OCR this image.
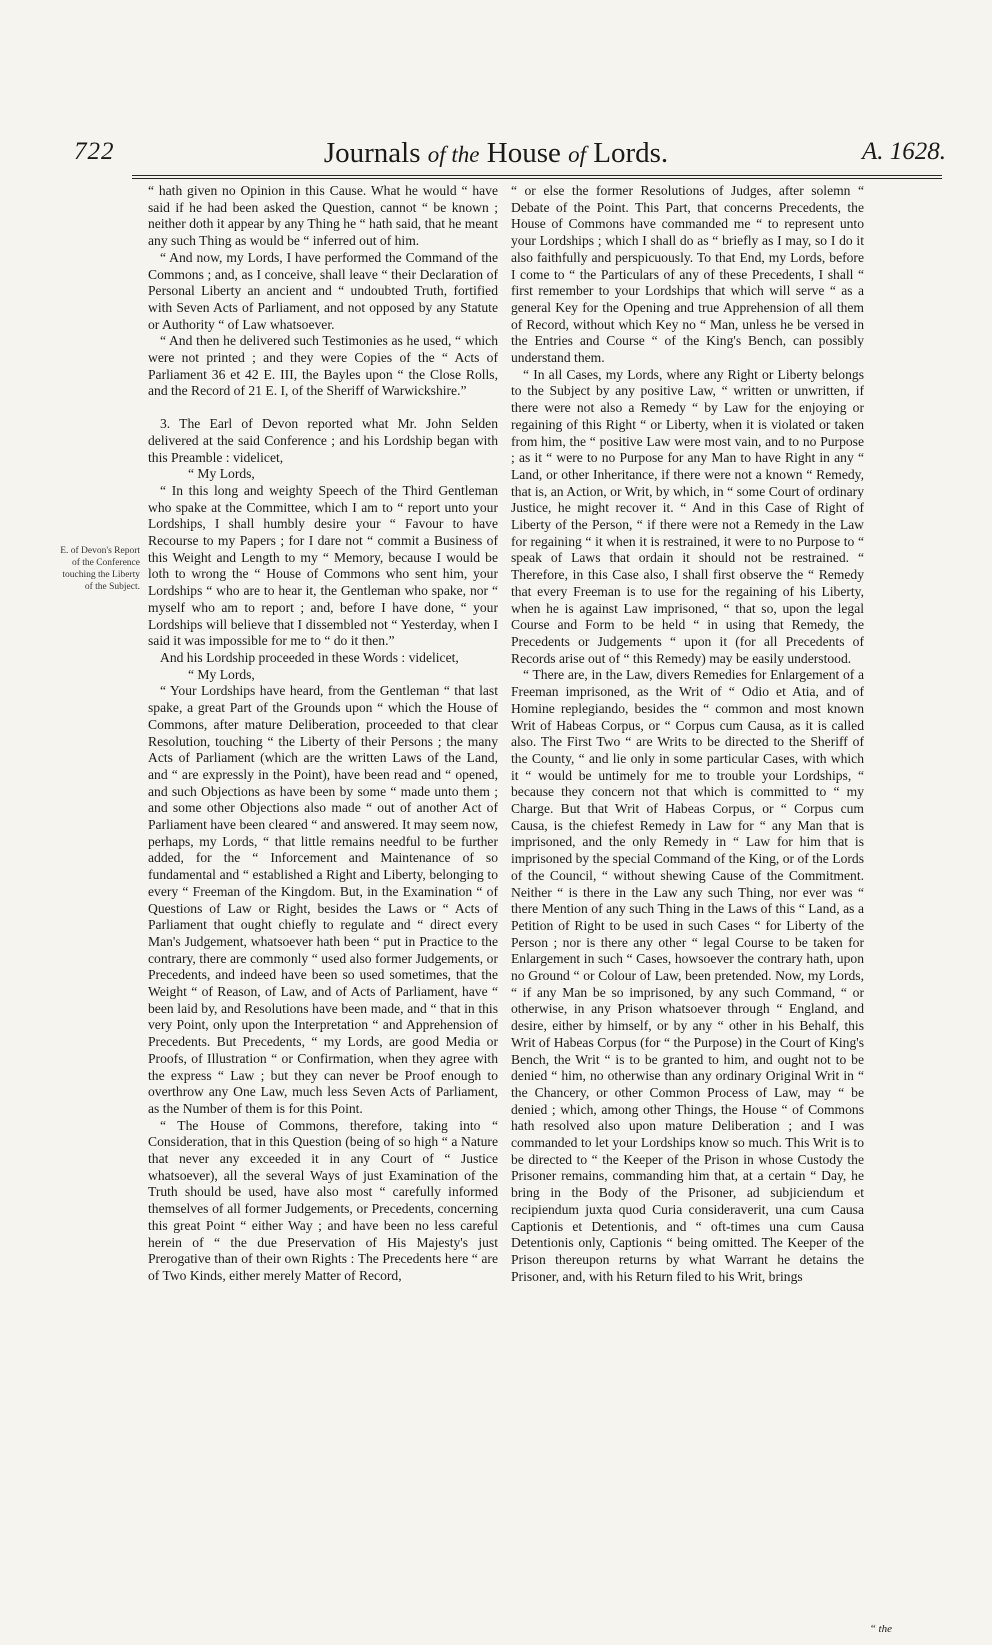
722	Journals of the House of Lords.	A. 1628.
E. of Devon's Report of the Conference touching the Liberty of the Subject.

“ hath given no Opinion in this Cause. What he would “ have said if he had been asked the Question, cannot “ be known ; neither doth it appear by any Thing he “ hath said, that he meant any such Thing as would be “ inferred out of him.

“ And now, my Lords, I have performed the Command of the Commons ; and, as I conceive, shall leave “ their Declaration of Personal Liberty an ancient and “ undoubted Truth, fortified with Seven Acts of Parliament, and not opposed by any Statute or Authority “ of Law whatsoever.

“ And then he delivered such Testimonies as he used, “ which were not printed ; and they were Copies of the “ Acts of Parliament 36 et 42 E. III, the Bayles upon “ the Close Rolls, and the Record of 21 E. I, of the Sheriff of Warwickshire.”

3. The Earl of Devon reported what Mr. John Selden delivered at the said Conference ; and his Lordship began with this Preamble : videlicet,

“ My Lords,

“ In this long and weighty Speech of the Third Gentleman who spake at the Committee, which I am to “ report unto your Lordships, I shall humbly desire your “ Favour to have Recourse to my Papers ; for I dare not “ commit a Business of this Weight and Length to my “ Memory, because I would be loth to wrong the “ House of Commons who sent him, your Lordships “ who are to hear it, the Gentleman who spake, nor “ myself who am to report ; and, before I have done, “ your Lordships will believe that I dissembled not “ Yesterday, when I said it was impossible for me to “ do it then.”

And his Lordship proceeded in these Words : videlicet,

“ My Lords,

“ Your Lordships have heard, from the Gentleman “ that last spake, a great Part of the Grounds upon “ which the House of Commons, after mature Deliberation, proceeded to that clear Resolution, touching “ the Liberty of their Persons ; the many Acts of Parliament (which are the written Laws of the Land, and “ are expressly in the Point), have been read and “ opened, and such Objections as have been by some “ made unto them ; and some other Objections also made “ out of another Act of Parliament have been cleared “ and answered. It may seem now, perhaps, my Lords, “ that little remains needful to be further added, for the “ Inforcement and Maintenance of so fundamental and “ established a Right and Liberty, belonging to every “ Freeman of the Kingdom. But, in the Examination “ of Questions of Law or Right, besides the Laws or “ Acts of Parliament that ought chiefly to regulate and “ direct every Man's Judgement, whatsoever hath been “ put in Practice to the contrary, there are commonly “ used also former Judgements, or Precedents, and indeed have been so used sometimes, that the Weight “ of Reason, of Law, and of Acts of Parliament, have “ been laid by, and Resolutions have been made, and “ that in this very Point, only upon the Interpretation “ and Apprehension of Precedents. But Precedents, “ my Lords, are good Media or Proofs, of Illustration “ or Confirmation, when they agree with the express “ Law ; but they can never be Proof enough to overthrow any One Law, much less Seven Acts of Parliament, as the Number of them is for this Point.

“ The House of Commons, therefore, taking into “ Consideration, that in this Question (being of so high “ a Nature that never any exceeded it in any Court of “ Justice whatsoever), all the several Ways of just Examination of the Truth should be used, have also most “ carefully informed themselves of all former Judgements, or Precedents, concerning this great Point “ either Way ; and have been no less careful herein of “ the due Preservation of His Majesty's just Prerogative than of their own Rights : The Precedents here “ are of Two Kinds, either merely Matter of Record,

“ or else the former Resolutions of Judges, after solemn “ Debate of the Point. This Part, that concerns Precedents, the House of Commons have commanded me “ to represent unto your Lordships ; which I shall do as “ briefly as I may, so I do it also faithfully and perspicuously. To that End, my Lords, before I come to “ the Particulars of any of these Precedents, I shall “ first remember to your Lordships that which will serve “ as a general Key for the Opening and true Apprehension of all them of Record, without which Key no “ Man, unless he be versed in the Entries and Course “ of the King's Bench, can possibly understand them.

“ In all Cases, my Lords, where any Right or Liberty belongs to the Subject by any positive Law, “ written or unwritten, if there were not also a Remedy “ by Law for the enjoying or regaining of this Right “ or Liberty, when it is violated or taken from him, the “ positive Law were most vain, and to no Purpose ; as it “ were to no Purpose for any Man to have Right in any “ Land, or other Inheritance, if there were not a known “ Remedy, that is, an Action, or Writ, by which, in “ some Court of ordinary Justice, he might recover it. “ And in this Case of Right of Liberty of the Person, “ if there were not a Remedy in the Law for regaining “ it when it is restrained, it were to no Purpose to “ speak of Laws that ordain it should not be restrained. “ Therefore, in this Case also, I shall first observe the “ Remedy that every Freeman is to use for the regaining of his Liberty, when he is against Law imprisoned, “ that so, upon the legal Course and Form to be held “ in using that Remedy, the Precedents or Judgements “ upon it (for all Precedents of Records arise out of “ this Remedy) may be easily understood.

“ There are, in the Law, divers Remedies for Enlargement of a Freeman imprisoned, as the Writ of “ Odio et Atia, and of Homine replegiando, besides the “ common and most known Writ of Habeas Corpus, or “ Corpus cum Causa, as it is called also. The First Two “ are Writs to be directed to the Sheriff of the County, “ and lie only in some particular Cases, with which it “ would be untimely for me to trouble your Lordships, “ because they concern not that which is committed to “ my Charge. But that Writ of Habeas Corpus, or “ Corpus cum Causa, is the chiefest Remedy in Law for “ any Man that is imprisoned, and the only Remedy in “ Law for him that is imprisoned by the special Command of the King, or of the Lords of the Council, “ without shewing Cause of the Commitment. Neither “ is there in the Law any such Thing, nor ever was “ there Mention of any such Thing in the Laws of this “ Land, as a Petition of Right to be used in such Cases “ for Liberty of the Person ; nor is there any other “ legal Course to be taken for Enlargement in such “ Cases, howsoever the contrary hath, upon no Ground “ or Colour of Law, been pretended. Now, my Lords, “ if any Man be so imprisoned, by any such Command, “ or otherwise, in any Prison whatsoever through “ England, and desire, either by himself, or by any “ other in his Behalf, this Writ of Habeas Corpus (for “ the Purpose) in the Court of King's Bench, the Writ “ is to be granted to him, and ought not to be denied “ him, no otherwise than any ordinary Original Writ in “ the Chancery, or other Common Process of Law, may “ be denied ; which, among other Things, the House “ of Commons hath resolved also upon mature Deliberation ; and I was commanded to let your Lordships know so much. This Writ is to be directed to “ the Keeper of the Prison in whose Custody the Prisoner remains, commanding him that, at a certain “ Day, he bring in the Body of the Prisoner, ad subjiciendum et recipiendum juxta quod Curia consideraverit, una cum Causa Captionis et Detentionis, and “ oft-times una cum Causa Detentionis only, Captionis “ being omitted. The Keeper of the Prison thereupon returns by what Warrant he detains the Prisoner, and, with his Return filed to his Writ, brings

“ the
